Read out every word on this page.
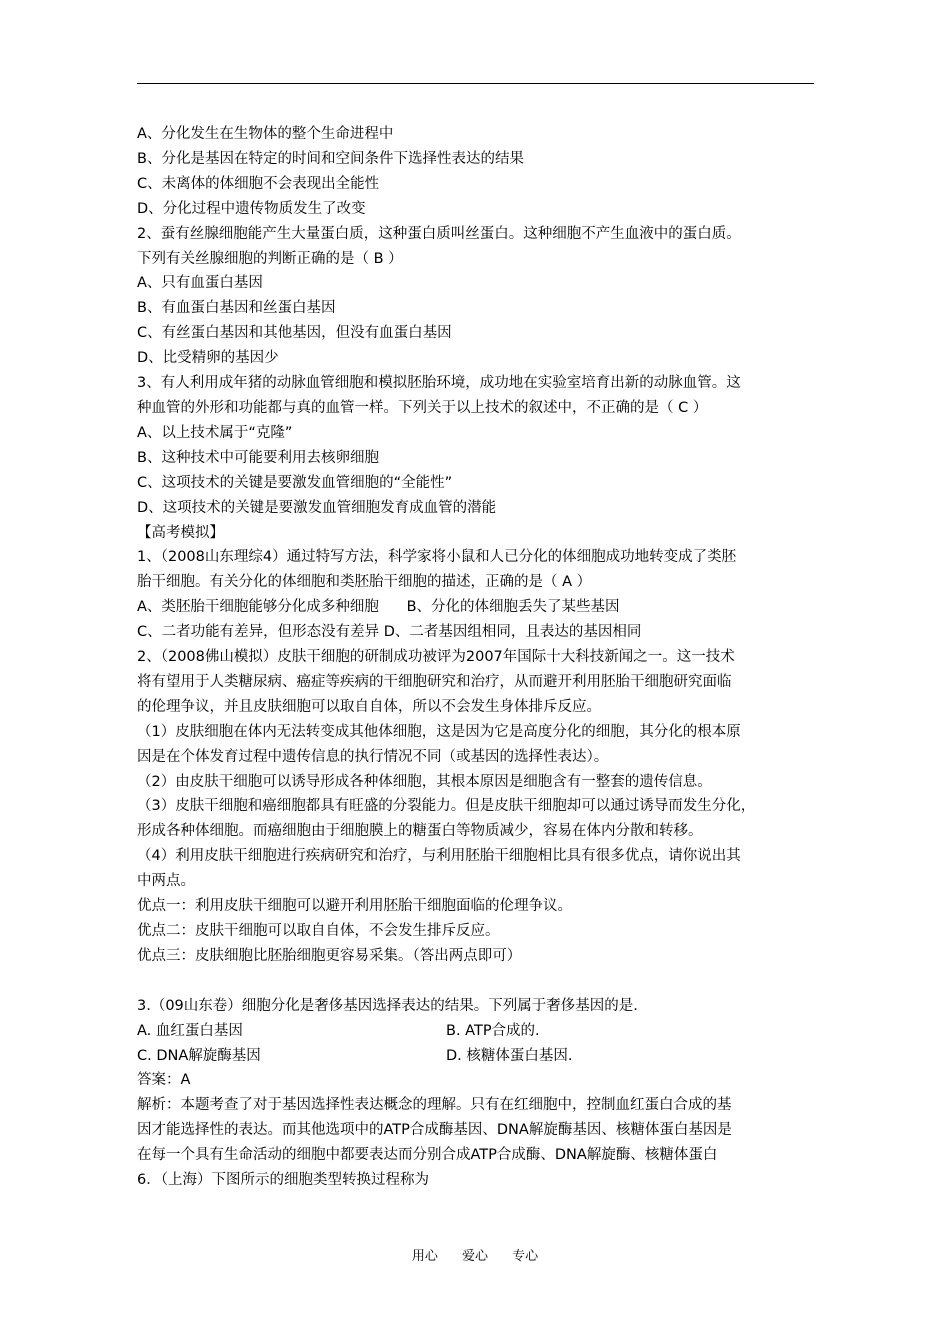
A、分化发生在生物体的整个生命进程中
B、分化是基因在特定的时间和空间条件下选择性表达的结果
C、未离体的体细胞不会表现出全能性
D、分化过程中遗传物质发生了改变
2、蚕有丝腺细胞能产生大量蛋白质，这种蛋白质叫丝蛋白。这种细胞不产生血液中的蛋白质。
下列有关丝腺细胞的判断正确的是（ B ）
A、只有血蛋白基因
B、有血蛋白基因和丝蛋白基因
C、有丝蛋白基因和其他基因，但没有血蛋白基因
D、比受精卵的基因少
3、有人利用成年猪的动脉血管细胞和模拟胚胎环境，成功地在实验室培育出新的动脉血管。这
种血管的外形和功能都与真的血管一样。下列关于以上技术的叙述中，不正确的是（ C ）
A、以上技术属于“克隆”
B、这种技术中可能要利用去核卵细胞
C、这项技术的关键是要激发血管细胞的“全能性”
D、这项技术的关键是要激发血管细胞发育成血管的潜能
【高考模拟】
1、（2008山东理综4）通过特写方法，科学家将小鼠和人已分化的体细胞成功地转变成了类胚
胎干细胞。有关分化的体细胞和类胚胎干细胞的描述，正确的是（ A ）
A、类胚胎干细胞能够分化成多种细胞      B、分化的体细胞丢失了某些基因
C、二者功能有差异，但形态没有差异 D、二者基因组相同，且表达的基因相同
2、（2008佛山模拟）皮肤干细胞的研制成功被评为2007年国际十大科技新闻之一。这一技术
将有望用于人类糖尿病、癌症等疾病的干细胞研究和治疗，从而避开利用胚胎干细胞研究面临
的伦理争议，并且皮肤细胞可以取自自体，所以不会发生身体排斥反应。
（1）皮肤细胞在体内无法转变成其他体细胞，这是因为它是高度分化的细胞，其分化的根本原
因是在个体发育过程中遗传信息的执行情况不同（或基因的选择性表达）。
（2）由皮肤干细胞可以诱导形成各种体细胞，其根本原因是细胞含有一整套的遗传信息。
（3）皮肤干细胞和癌细胞都具有旺盛的分裂能力。但是皮肤干细胞却可以通过诱导而发生分化，
形成各种体细胞。而癌细胞由于细胞膜上的糖蛋白等物质减少，容易在体内分散和转移。
（4）利用皮肤干细胞进行疾病研究和治疗，与利用胚胎干细胞相比具有很多优点，请你说出其
中两点。
优点一：利用皮肤干细胞可以避开利用胚胎干细胞面临的伦理争议。
优点二：皮肤干细胞可以取自自体，不会发生排斥反应。
优点三：皮肤细胞比胚胎细胞更容易采集。（答出两点即可）
3.（09山东卷）细胞分化是奢侈基因选择表达的结果。下列属于奢侈基因的是.
A. 血红蛋白基因	B. ATP合成的.
C. DNA解旋酶基因	D. 核糖体蛋白基因.
答案：A
解析：本题考查了对于基因选择性表达概念的理解。只有在红细胞中，控制血红蛋白合成的基
因才能选择性的表达。而其他选项中的ATP合成酶基因、DNA解旋酶基因、核糖体蛋白基因是
在每一个具有生命活动的细胞中都要表达而分别合成ATP合成酶、DNA解旋酶、核糖体蛋白
6．（上海）下图所示的细胞类型转换过程称为
用心 爱心 专心
